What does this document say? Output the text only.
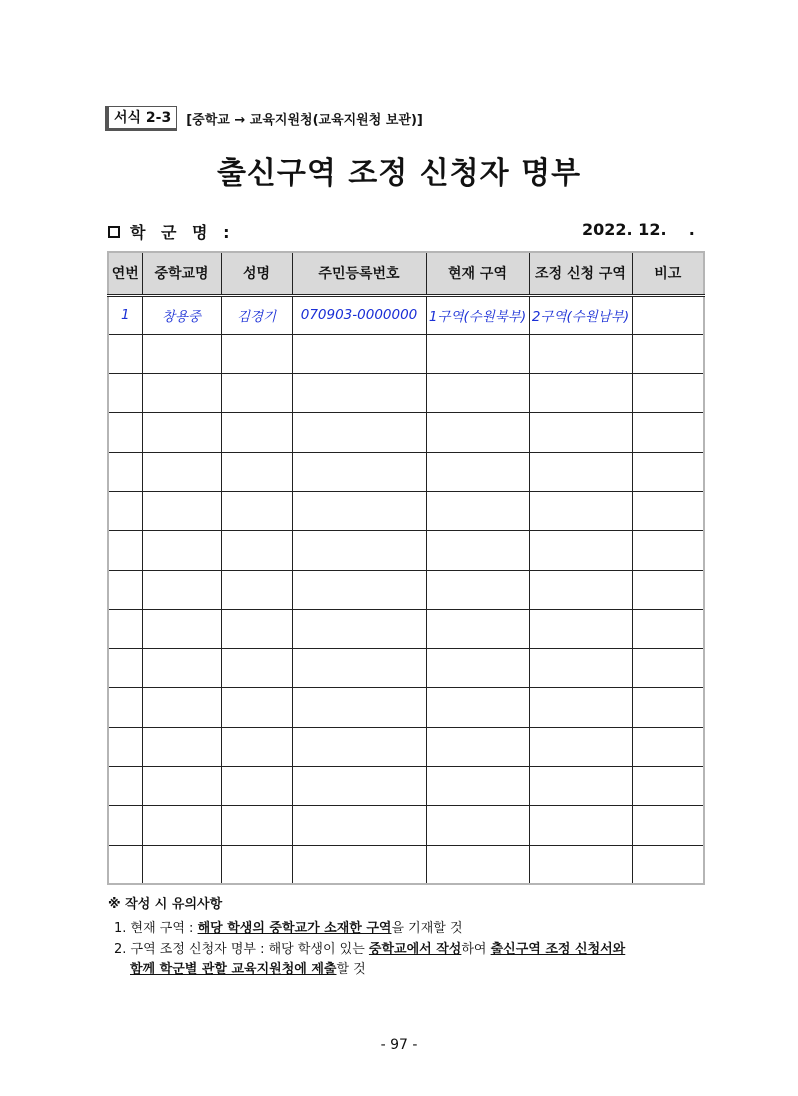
서식 2-3	[중학교 → 교육지원청(교육지원청 보관)]
출신구역 조정 신청자 명부
학 군 명 :	2022. 12.    .
연번	중학교명	성명	주민등록번호	현재 구역	조정 신청 구역	비고
1	창용중	김경기	070903-0000000	1구역(수원북부)	2구역(수원남부)	

※ 작성 시 유의사항
1. 현재 구역 : 해당 학생의 중학교가 소재한 구역을 기재할 것
2. 구역 조정 신청자 명부 : 해당 학생이 있는 중학교에서 작성하여 출신구역 조정 신청서와
함께 학군별 관할 교육지원청에 제출할 것
- 97 -
